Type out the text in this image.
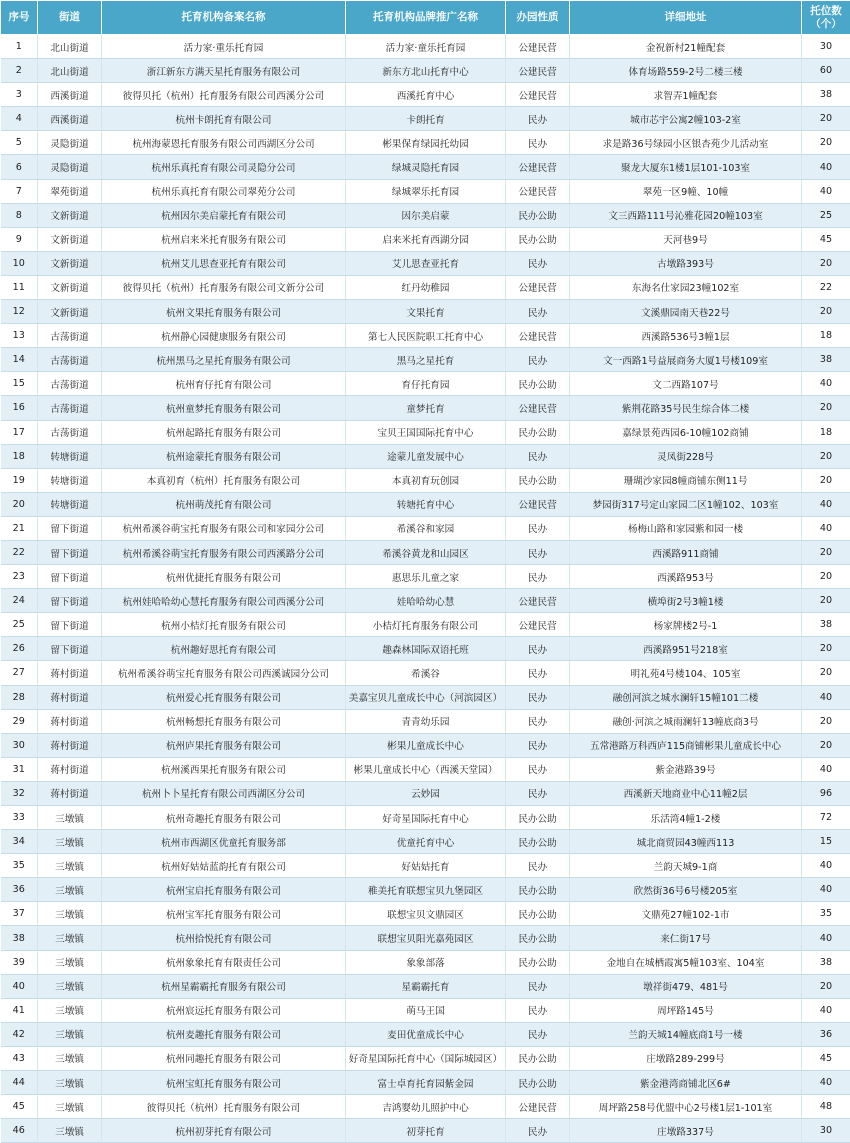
序号	街道	托育机构备案名称	托育机构品牌推广名称	办园性质	详细地址	托位数（个）
1	北山街道	活力家·重乐托育园	活力家·童乐托育园	公建民营	金祝新村21幢配套	30
2	北山街道	浙江新东方满天星托育服务有限公司	新东方北山托育中心	公建民营	体育场路559-2号二楼三楼	60
3	西溪街道	彼得贝托（杭州）托育服务有限公司西溪分公司	西溪托育中心	公建民营	求智弄1幢配套	38
4	西溪街道	杭州卡朗托育有限公司	卡朗托育	民办	城市芯宇公寓2幢103-2室	20
5	灵隐街道	杭州海蒙恩托育服务有限公司西湖区分公司	彬果保育绿园托幼园	民办	求是路36号绿园小区银杏苑少儿活动室	20
6	灵隐街道	杭州乐真托育有限公司灵隐分公司	绿城灵隐托育园	公建民营	聚龙大厦东1楼1层101-103室	40
7	翠苑街道	杭州乐真托育有限公司翠苑分公司	绿城翠乐托育园	公建民营	翠苑一区9幢、10幢	40
8	文新街道	杭州因尔美启蒙托育有限公司	因尔美启蒙	民办公助	文三西路111号沁雅花园20幢103室	25
9	文新街道	杭州启来米托育服务有限公司	启来米托育西湖分园	民办公助	天河巷9号	45
10	文新街道	杭州艾儿思查亚托育有限公司	艾儿思查亚托育	民办	古墩路393号	20
11	文新街道	彼得贝托（杭州）托育服务有限公司文新分公司	红丹幼稚园	公建民营	东海名仕家园23幢102室	22
12	文新街道	杭州文果托育服务有限公司	文果托育	民办	文溪鼎园南天巷22号	20
13	古荡街道	杭州静心园健康服务有限公司	第七人民医院职工托育中心	公建民营	西溪路536号3幢1层	18
14	古荡街道	杭州黑马之星托育服务有限公司	黑马之星托育	民办	文一西路1号益展商务大厦1号楼109室	38
15	古荡街道	杭州育仔托育有限公司	育仔托育园	民办公助	文二西路107号	40
16	古荡街道	杭州童梦托育服务有限公司	童梦托育	公建民营	紫荆花路35号民生综合体二楼	20
17	古荡街道	杭州起路托育服务有限公司	宝贝王国国际托育中心	民办公助	嘉绿景苑西园6-10幢102商铺	18
18	转塘街道	杭州途蒙托育服务有限公司	途蒙儿童发展中心	民办	灵凤街228号	20
19	转塘街道	本真初育（杭州）托育服务有限公司	本真初育玩创园	民办公助	珊瑚沙家园8幢商铺东侧11号	20
20	转塘街道	杭州萌茂托育有限公司	转塘托育中心	公建民营	梦园街317号定山家园二区1幢102、103室	40
21	留下街道	杭州希溪谷萌宝托育服务有限公司和家园分公司	希溪谷和家园	民办	杨梅山路和家园紫和园一楼	40
22	留下街道	杭州希溪谷萌宝托育服务有限公司西溪路分公司	希溪谷黄龙和山园区	民办	西溪路911商铺	20
23	留下街道	杭州优捷托育服务有限公司	惠思乐儿童之家	民办	西溪路953号	20
24	留下街道	杭州娃哈哈幼心慧托育服务有限公司西溪分公司	娃哈哈幼心慧	公建民营	横埠街2号3幢1楼	20
25	留下街道	杭州小桔灯托育服务有限公司	小桔灯托育服务有限公司	公建民营	杨家牌楼2号-1	38
26	留下街道	杭州趣好思托育有限公司	趣森林国际双语托班	民办	西溪路951号218室	20
27	蒋村街道	杭州希溪谷萌宝托育服务有限公司西溪诚园分公司	希溪谷	民办	明礼苑4号楼104、105室	20
28	蒋村街道	杭州爱心托育服务有限公司	美嘉宝贝儿童成长中心（河滨园区）	民办	融创河滨之城水澜轩15幢101二楼	40
29	蒋村街道	杭州畅想托育服务有限公司	青青幼乐园	民办	融创·河滨之城雨澜轩13幢底商3号	20
30	蒋村街道	杭州庐果托育服务有限公司	彬果儿童成长中心	民办	五常港路万科西庐115商铺彬果儿童成长中心	20
31	蒋村街道	杭州溪西果托育服务有限公司	彬果儿童成长中心（西溪天堂园）	民办	紫金港路39号	40
32	蒋村街道	杭州卜卜星托育有限公司西湖区分公司	云妙园	民办	西溪新天地商业中心11幢2层	96
33	三墩镇	杭州奇趣托育服务有限公司	好奇星国际托育中心	民办公助	乐活湾4幢1-2楼	72
34	三墩镇	杭州市西湖区优童托育服务部	优童托育中心	民办公助	城北商贸园43幢西113	15
35	三墩镇	杭州好姑姑蓝韵托育有限公司	好姑姑托育	民办	兰韵天城9-1商	40
36	三墩镇	杭州宝启托育服务有限公司	稚美托育联想宝贝九堡园区	民办公助	欣然街36号6号楼205室	40
37	三墩镇	杭州宝军托育服务有限公司	联想宝贝文鼎园区	民办公助	文鼎苑27幢102-1市	35
38	三墩镇	杭州拾悦托育有限公司	联想宝贝阳光嘉苑园区	民办公助	来仁街17号	40
39	三墩镇	杭州象象托育有限责任公司	象象部落	民办公助	金地自在城栖霞寓5幢103室、104室	38
40	三墩镇	杭州星霸霸托育服务有限公司	星霸霸托育	民办	墩祥街479、481号	20
41	三墩镇	杭州宸远托育服务有限公司	萌马王国	民办	周坪路145号	40
42	三墩镇	杭州麦趣托育服务有限公司	麦田优童成长中心	民办	兰韵天城14幢底商1号一楼	36
43	三墩镇	杭州同趣托育服务有限公司	好奇星国际托育中心（国际城园区）	民办公助	庄墩路289-299号	45
44	三墩镇	杭州宝虹托育服务有限公司	富士卓育托育园紫金园	民办公助	紫金港湾商铺北区6#	40
45	三墩镇	彼得贝托（杭州）托育服务有限公司	吉鸿婴幼儿照护中心	公建民营	周坪路258号优盟中心2号楼1层1-101室	48
46	三墩镇	杭州初芽托育有限公司	初芽托育	民办	庄墩路337号	30
